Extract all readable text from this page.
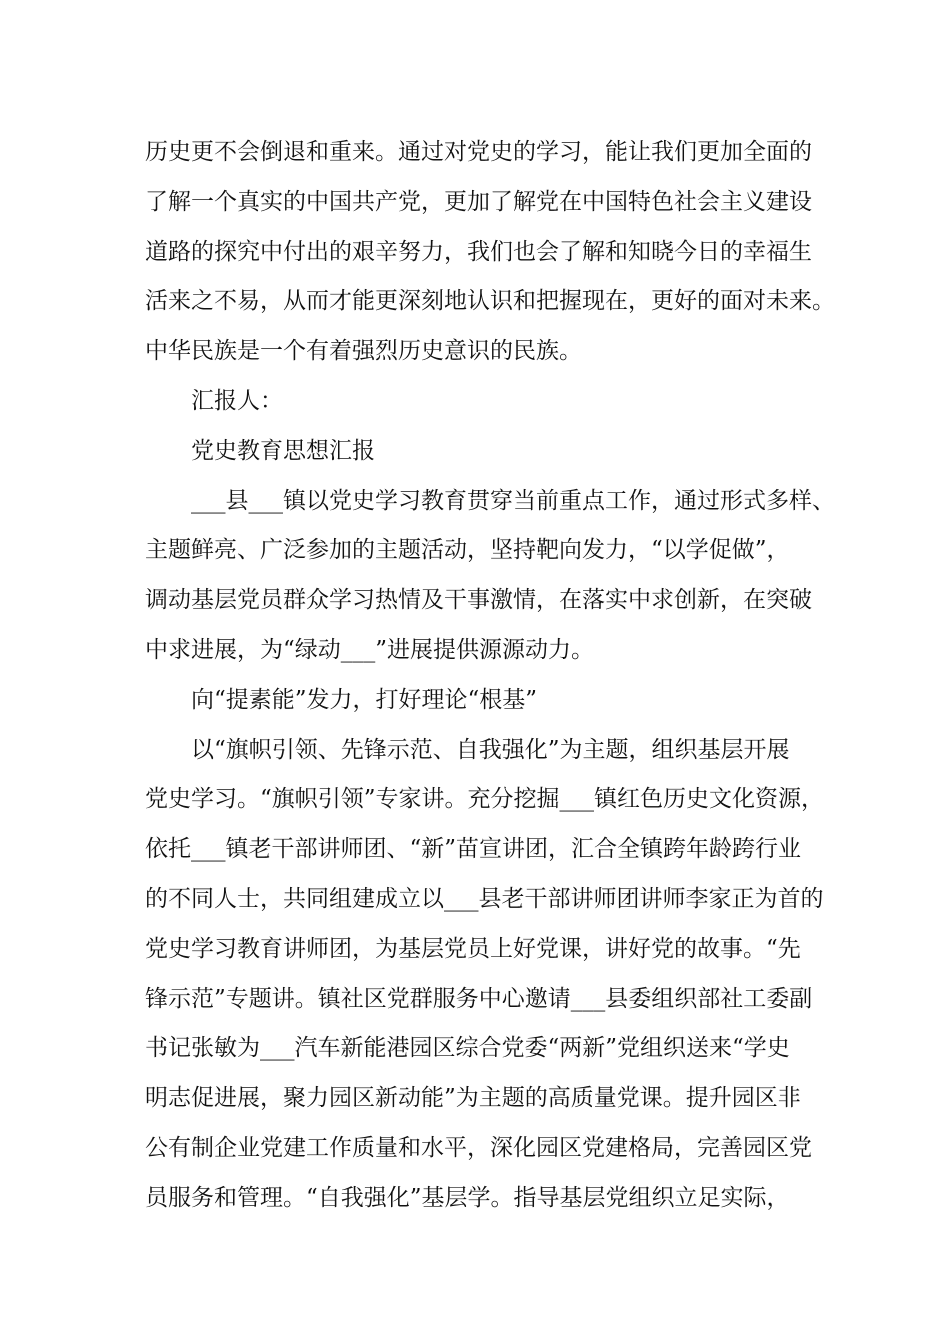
历史更不会倒退和重来。通过对党史的学习，能让我们更加全面的
了解一个真实的中国共产党，更加了解党在中国特色社会主义建设
道路的探究中付出的艰辛努力，我们也会了解和知晓今日的幸福生
活来之不易，从而才能更深刻地认识和把握现在，更好的面对未来。
中华民族是一个有着强烈历史意识的民族。
汇报人：
党史教育思想汇报
___县___镇以党史学习教育贯穿当前重点工作，通过形式多样、
主题鲜亮、广泛参加的主题活动，坚持靶向发力，“以学促做”，
调动基层党员群众学习热情及干事激情，在落实中求创新，在突破
中求进展，为“绿动___”进展提供源源动力。
向“提素能”发力，打好理论“根基”
以“旗帜引领、先锋示范、自我强化”为主题，组织基层开展
党史学习。“旗帜引领”专家讲。充分挖掘___镇红色历史文化资源，
依托___镇老干部讲师团、“新”苗宣讲团，汇合全镇跨年龄跨行业
的不同人士，共同组建成立以___县老干部讲师团讲师李家正为首的
党史学习教育讲师团，为基层党员上好党课，讲好党的故事。“先
锋示范”专题讲。镇社区党群服务中心邀请___县委组织部社工委副
书记张敏为___汽车新能港园区综合党委“两新”党组织送来“学史
明志促进展，聚力园区新动能”为主题的高质量党课。提升园区非
公有制企业党建工作质量和水平，深化园区党建格局，完善园区党
员服务和管理。“自我强化”基层学。指导基层党组织立足实际，
